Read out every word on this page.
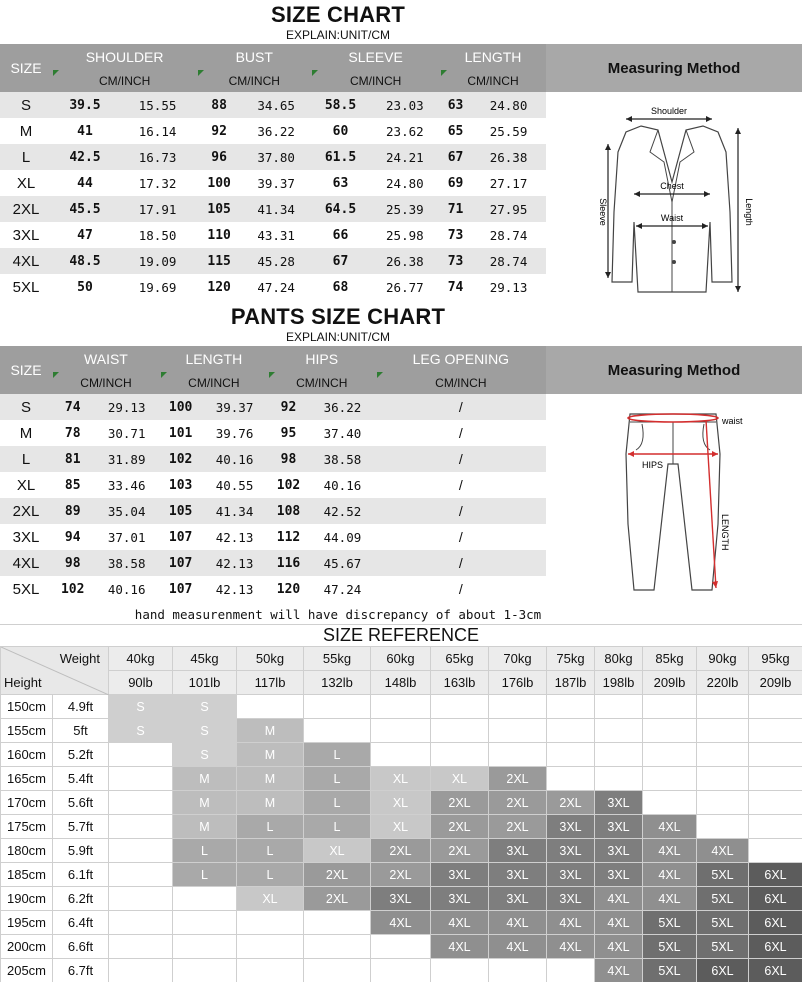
SIZE CHART
EXPLAIN:UNIT/CM
SIZE	SHOULDER		BUST		SLEEVE		LENGTH	
	CM/INCH		CM/INCH		CM/INCH		CM/INCH	
S	39.5	15.55	88	34.65	58.5	23.03	63	24.80
M	41	16.14	92	36.22	60	23.62	65	25.59
L	42.5	16.73	96	37.80	61.5	24.21	67	26.38
XL	44	17.32	100	39.37	63	24.80	69	27.17
2XL	45.5	17.91	105	41.34	64.5	25.39	71	27.95
3XL	47	18.50	110	43.31	66	25.98	73	28.74
4XL	48.5	19.09	115	45.28	67	26.38	73	28.74
5XL	50	19.69	120	47.24	68	26.77	74	29.13
Measuring Method
Shoulder
Chest
Waist
Sleeve	Length
PANTS SIZE CHART
EXPLAIN:UNIT/CM
SIZE	WAIST		LENGTH		HIPS		LEG OPENING
	CM/INCH		CM/INCH		CM/INCH		CM/INCH
S	74	29.13	100	39.37	92	36.22	/
M	78	30.71	101	39.76	95	37.40	/
L	81	31.89	102	40.16	98	38.58	/
XL	85	33.46	103	40.55	102	40.16	/
2XL	89	35.04	105	41.34	108	42.52	/
3XL	94	37.01	107	42.13	112	44.09	/
4XL	98	38.58	107	42.13	116	45.67	/
5XL	102	40.16	107	42.13	120	47.24	/
Measuring Method
waist
HIPS
LENGTH
hand measurenment will have discrepancy of about 1-3cm
SIZE REFERENCE
Weight
Height		40kg	45kg	50kg	55kg	60kg	65kg	70kg	75kg	80kg	85kg	90kg	95kg
		90lb	101lb	117lb	132lb	148lb	163lb	176lb	187lb	198lb	209lb	220lb	209lb
150cm	4.9ft	S	S										
155cm	5ft	S	S	M									
160cm	5.2ft		S	M	L								
165cm	5.4ft		M	M	L	XL	XL	2XL					
170cm	5.6ft		M	M	L	XL	2XL	2XL	2XL	3XL			
175cm	5.7ft		M	L	L	XL	2XL	2XL	3XL	3XL	4XL		
180cm	5.9ft		L	L	XL	2XL	2XL	3XL	3XL	3XL	4XL	4XL	
185cm	6.1ft		L	L	2XL	2XL	3XL	3XL	3XL	3XL	4XL	5XL	6XL
190cm	6.2ft			XL	2XL	3XL	3XL	3XL	3XL	4XL	4XL	5XL	6XL
195cm	6.4ft					4XL	4XL	4XL	4XL	4XL	5XL	5XL	6XL
200cm	6.6ft						4XL	4XL	4XL	4XL	5XL	5XL	6XL
205cm	6.7ft									4XL	5XL	6XL	6XL
